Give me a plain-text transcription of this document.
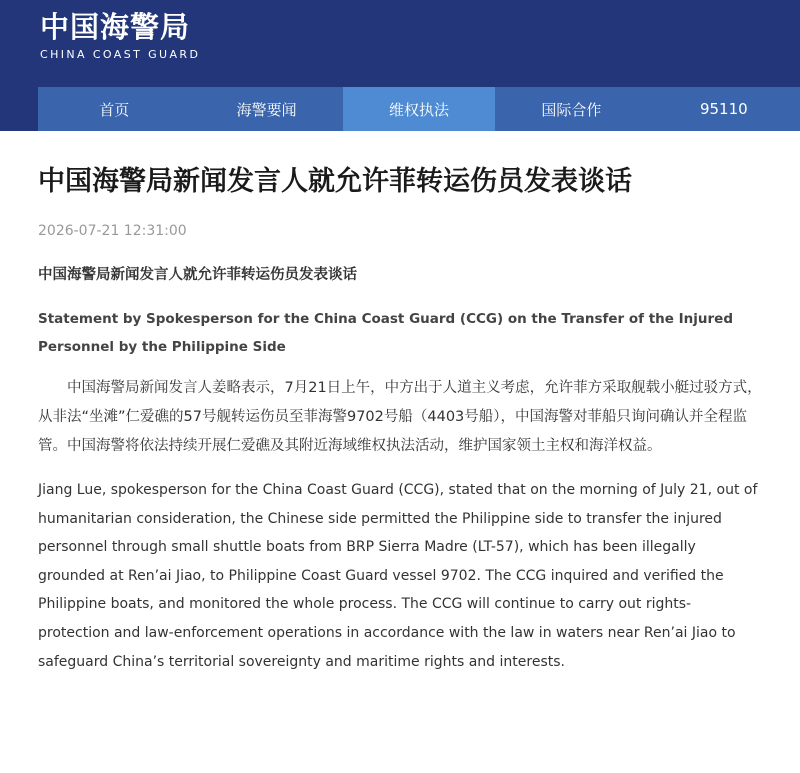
中国海警局
CHINA COAST GUARD
首页	海警要闻	维权执法	国际合作	95110
中国海警局新闻发言人就允许菲转运伤员发表谈话
2026-07-21 12:31:00
中国海警局新闻发言人就允许菲转运伤员发表谈话
Statement by Spokesperson for the China Coast Guard (CCG) on the Transfer of the Injured Personnel by the Philippine Side

中国海警局新闻发言人姜略表示，7月21日上午，中方出于人道主义考虑，允许菲方采取舰载小艇过驳方式，从非法“坐滩”仁爱礁的57号舰转运伤员至菲海警9702号船（4403号船），中国海警对菲船只询问确认并全程监管。中国海警将依法持续开展仁爱礁及其附近海域维权执法活动，维护国家领土主权和海洋权益。

Jiang Lue, spokesperson for the China Coast Guard (CCG), stated that on the morning of July 21, out of humanitarian consideration, the Chinese side permitted the Philippine side to transfer the injured personnel through small shuttle boats from BRP Sierra Madre (LT-57), which has been illegally grounded at Ren’ai Jiao, to Philippine Coast Guard vessel 9702. The CCG inquired and verified the Philippine boats, and monitored the whole process. The CCG will continue to carry out rights-protection and law-enforcement operations in accordance with the law in waters near Ren’ai Jiao to safeguard China’s territorial sovereignty and maritime rights and interests.
